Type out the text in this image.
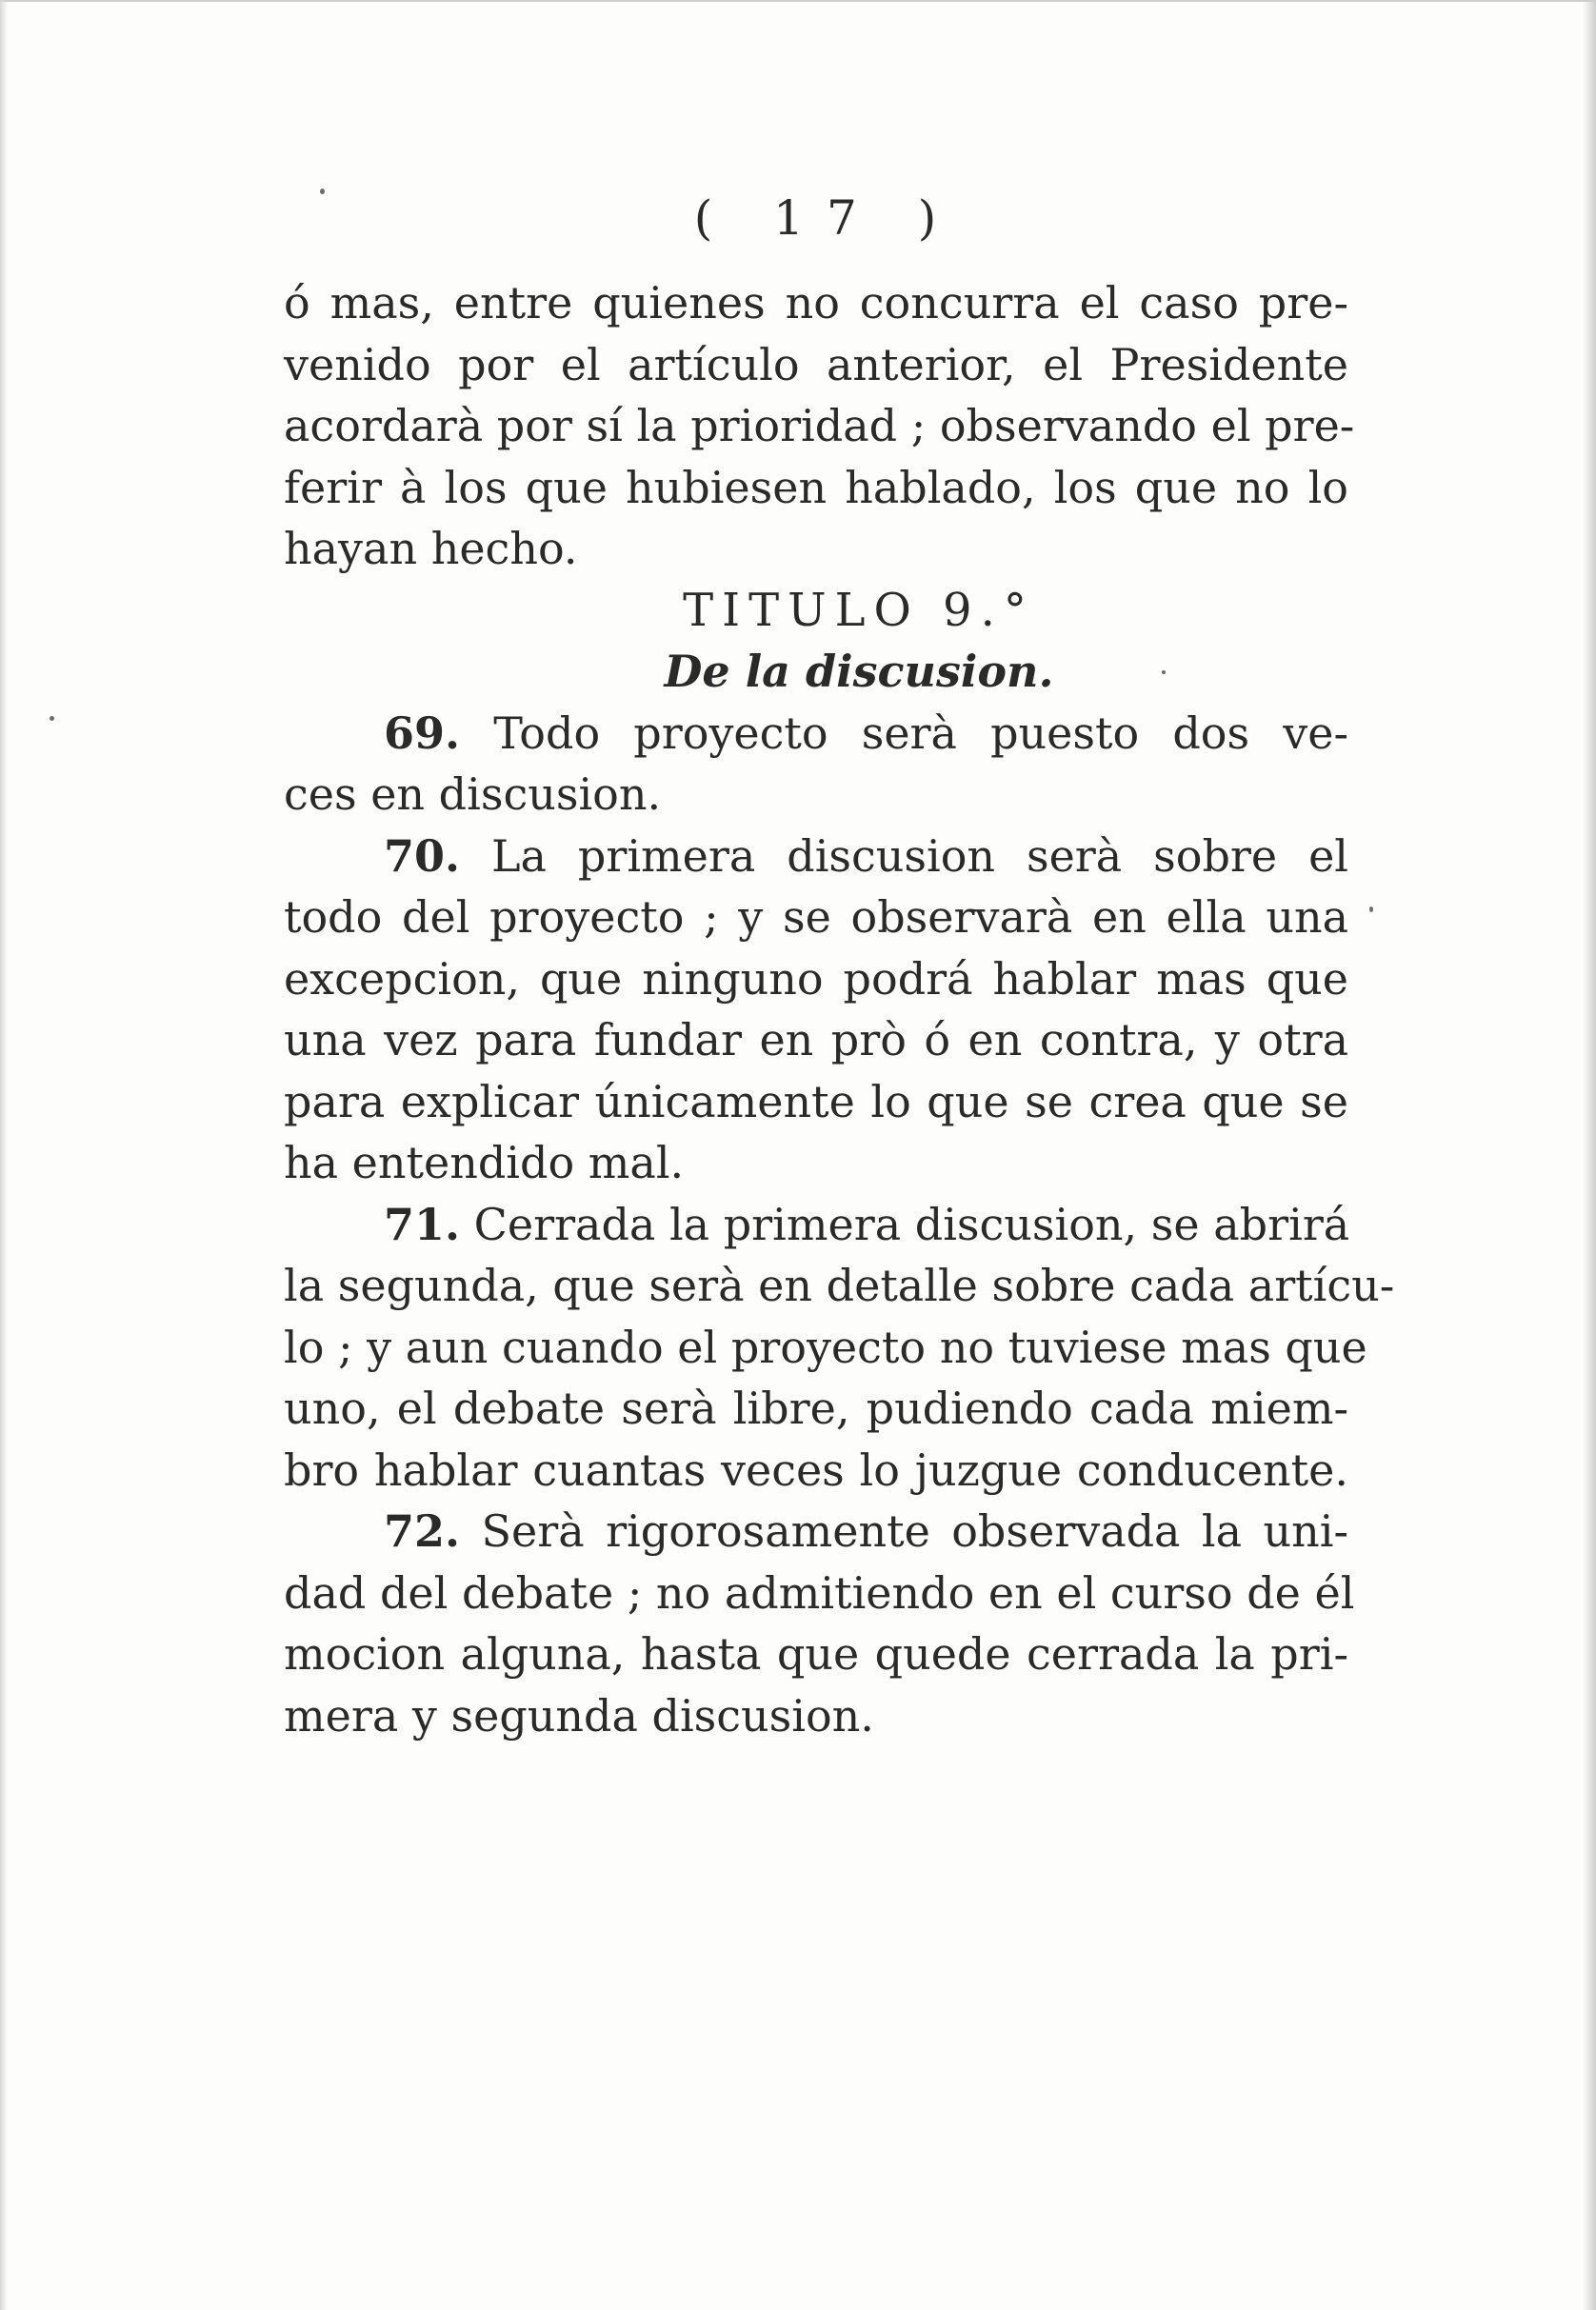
( 17 )
ó mas, entre quienes no concurra el caso pre-
venido por el artículo anterior, el Presidente
acordarà por sí la prioridad ; observando el pre-
ferir à los que hubiesen hablado, los que no lo
hayan hecho.
TITULO 9.°
De la discusion.
69. Todo proyecto serà puesto dos ve-
ces en discusion.
70. La primera discusion serà sobre el
todo del proyecto ; y se observarà en ella una
excepcion, que ninguno podrá hablar mas que
una vez para fundar en prò ó en contra, y otra
para explicar únicamente lo que se crea que se
ha entendido mal.
71. Cerrada la primera discusion, se abrirá
la segunda, que serà en detalle sobre cada artícu-
lo ; y aun cuando el proyecto no tuviese mas que
uno, el debate serà libre, pudiendo cada miem-
bro hablar cuantas veces lo juzgue conducente.
72. Serà rigorosamente observada la uni-
dad del debate ; no admitiendo en el curso de él
mocion alguna, hasta que quede cerrada la pri-
mera y segunda discusion.
